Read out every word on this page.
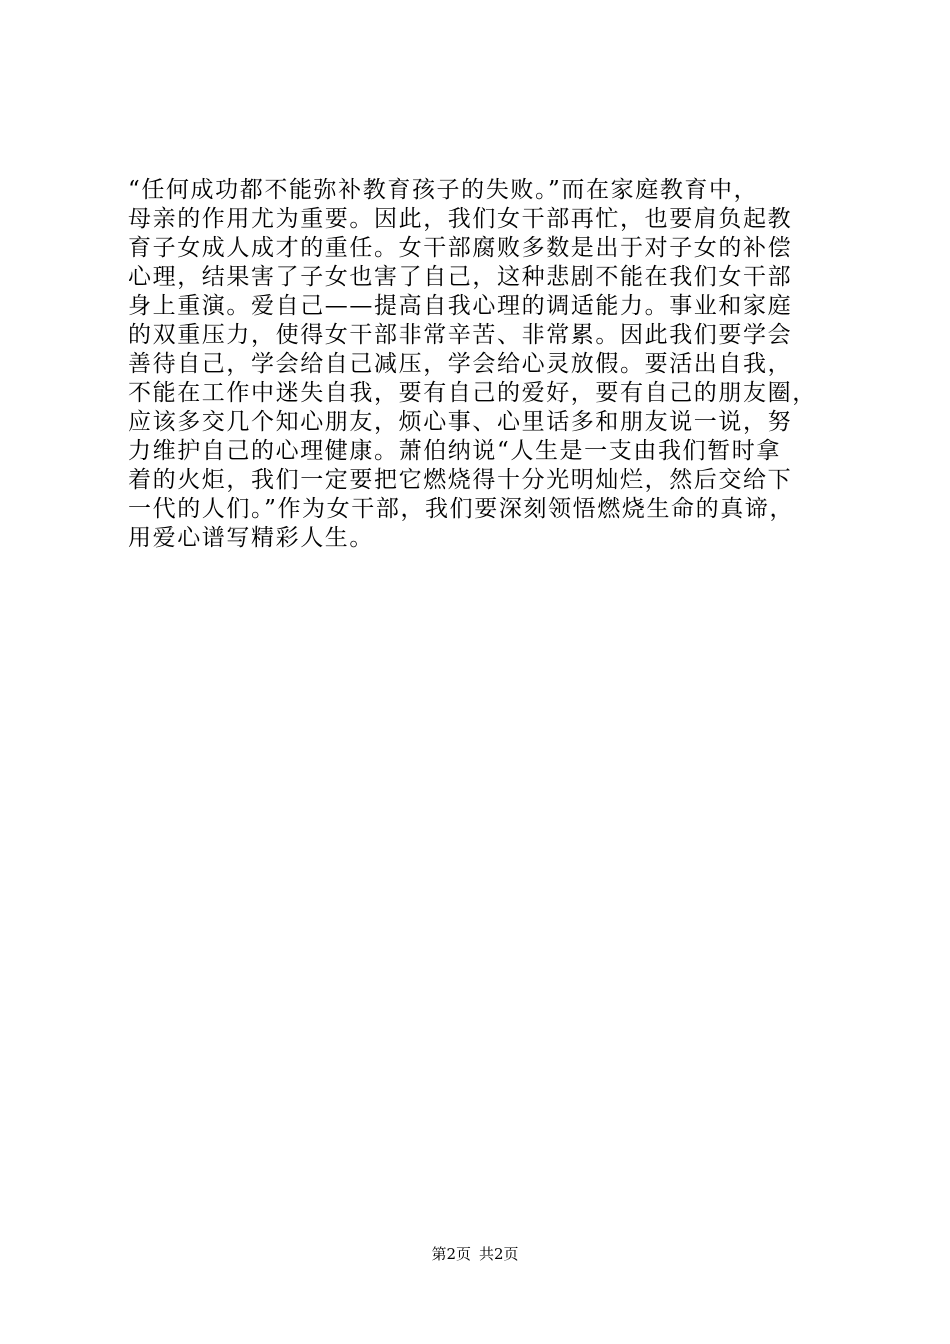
“任何成功都不能弥补教育孩子的失败。”而在家庭教育中，
母亲的作用尤为重要。因此，我们女干部再忙，也要肩负起教
育子女成人成才的重任。女干部腐败多数是出于对子女的补偿
心理，结果害了子女也害了自己，这种悲剧不能在我们女干部
身上重演。爱自己——提高自我心理的调适能力。事业和家庭
的双重压力，使得女干部非常辛苦、非常累。因此我们要学会
善待自己，学会给自己减压，学会给心灵放假。要活出自我，
不能在工作中迷失自我，要有自己的爱好，要有自己的朋友圈，
应该多交几个知心朋友，烦心事、心里话多和朋友说一说，努
力维护自己的心理健康。萧伯纳说“人生是一支由我们暂时拿
着的火炬，我们一定要把它燃烧得十分光明灿烂，然后交给下
一代的人们。”作为女干部，我们要深刻领悟燃烧生命的真谛，
用爱心谱写精彩人生。
第2页 共2页
